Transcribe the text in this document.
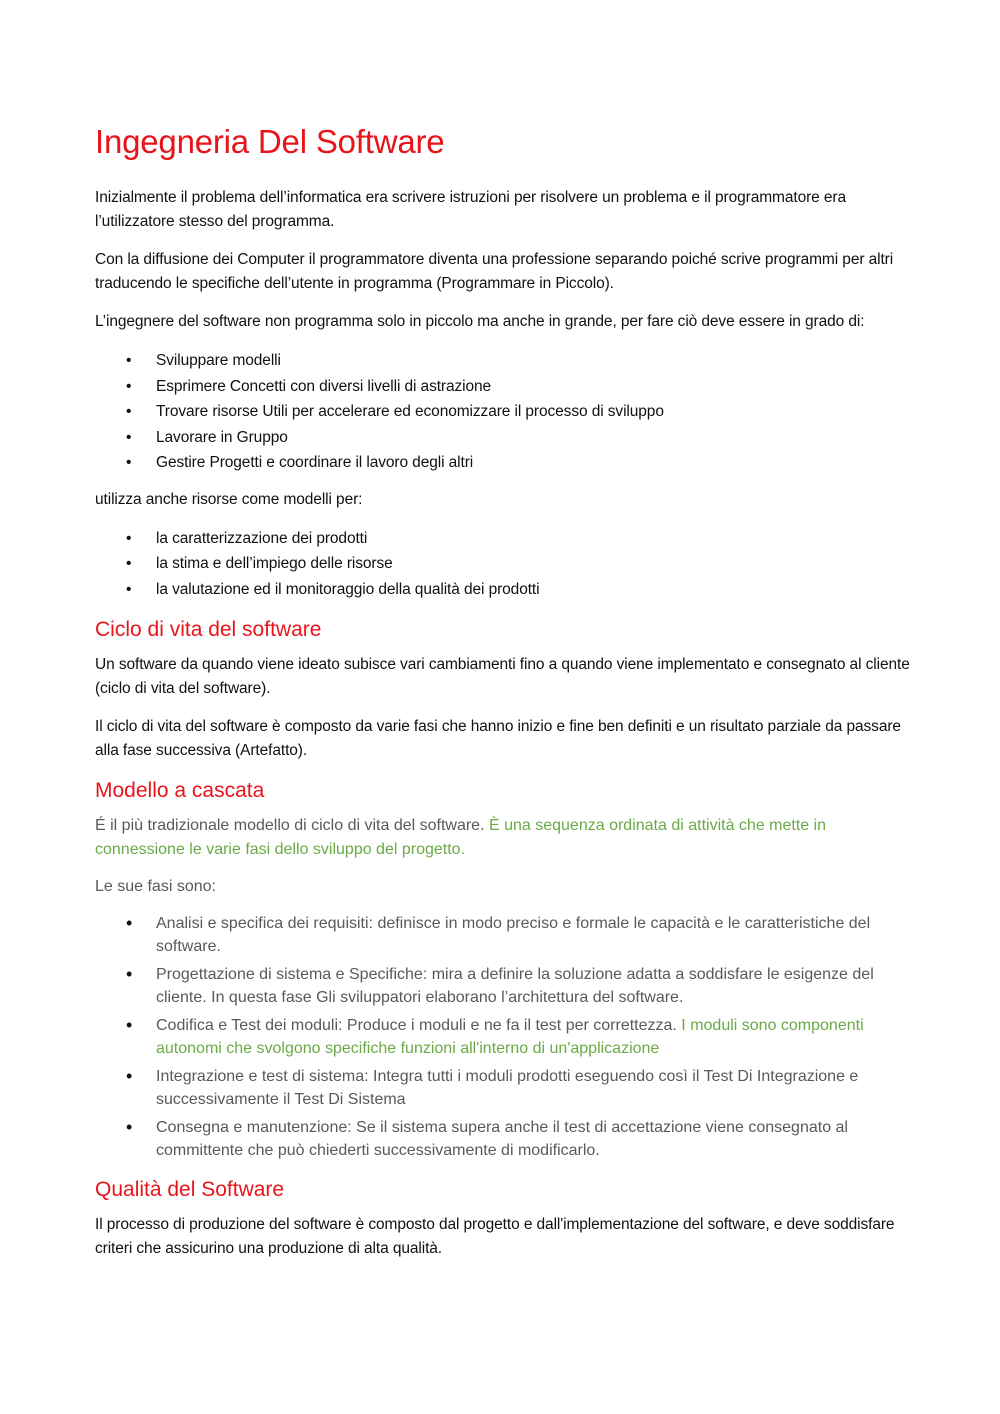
Ingegneria Del Software

Inizialmente il problema dell’informatica era scrivere istruzioni per risolvere un problema e il programmatore era l’utilizzatore stesso del programma.

Con la diffusione dei Computer il programmatore diventa una professione separando poiché scrive programmi per altri traducendo le specifiche dell’utente in programma (Programmare in Piccolo).

L’ingegnere del software non programma solo in piccolo ma anche in grande, per fare ciò deve essere in grado di:

• Sviluppare modelli
• Esprimere Concetti con diversi livelli di astrazione
• Trovare risorse Utili per accelerare ed economizzare il processo di sviluppo
• Lavorare in Gruppo
• Gestire Progetti e coordinare il lavoro degli altri

utilizza anche risorse come modelli per:

• la caratterizzazione dei prodotti
• la stima e dell’impiego delle risorse
• la valutazione ed il monitoraggio della qualità dei prodotti
Ciclo di vita del software

Un software da quando viene ideato subisce vari cambiamenti fino a quando viene implementato e consegnato al cliente (ciclo di vita del software).

Il ciclo di vita del software è composto da varie fasi che hanno inizio e fine ben definiti e un risultato parziale da passare alla fase successiva (Artefatto).

Modello a cascata

É il più tradizionale modello di ciclo di vita del software. È una sequenza ordinata di attività che mette in connessione le varie fasi dello sviluppo del progetto.

Le sue fasi sono:

• Analisi e specifica dei requisiti: definisce in modo preciso e formale le capacità e le caratteristiche del software.
• Progettazione di sistema e Specifiche: mira a definire la soluzione adatta a soddisfare le esigenze del cliente. In questa fase Gli sviluppatori elaborano l’architettura del software.
• Codifica e Test dei moduli: Produce i moduli e ne fa il test per correttezza. I moduli sono componenti autonomi che svolgono specifiche funzioni all'interno di un'applicazione
• Integrazione e test di sistema: Integra tutti i moduli prodotti eseguendo così il Test Di Integrazione e successivamente il Test Di Sistema
• Consegna e manutenzione: Se il sistema supera anche il test di accettazione viene consegnato al committente che può chiederti successivamente di modificarlo.
Qualità del Software

Il processo di produzione del software è composto dal progetto e dall'implementazione del software, e deve soddisfare criteri che assicurino una produzione di alta qualità.
